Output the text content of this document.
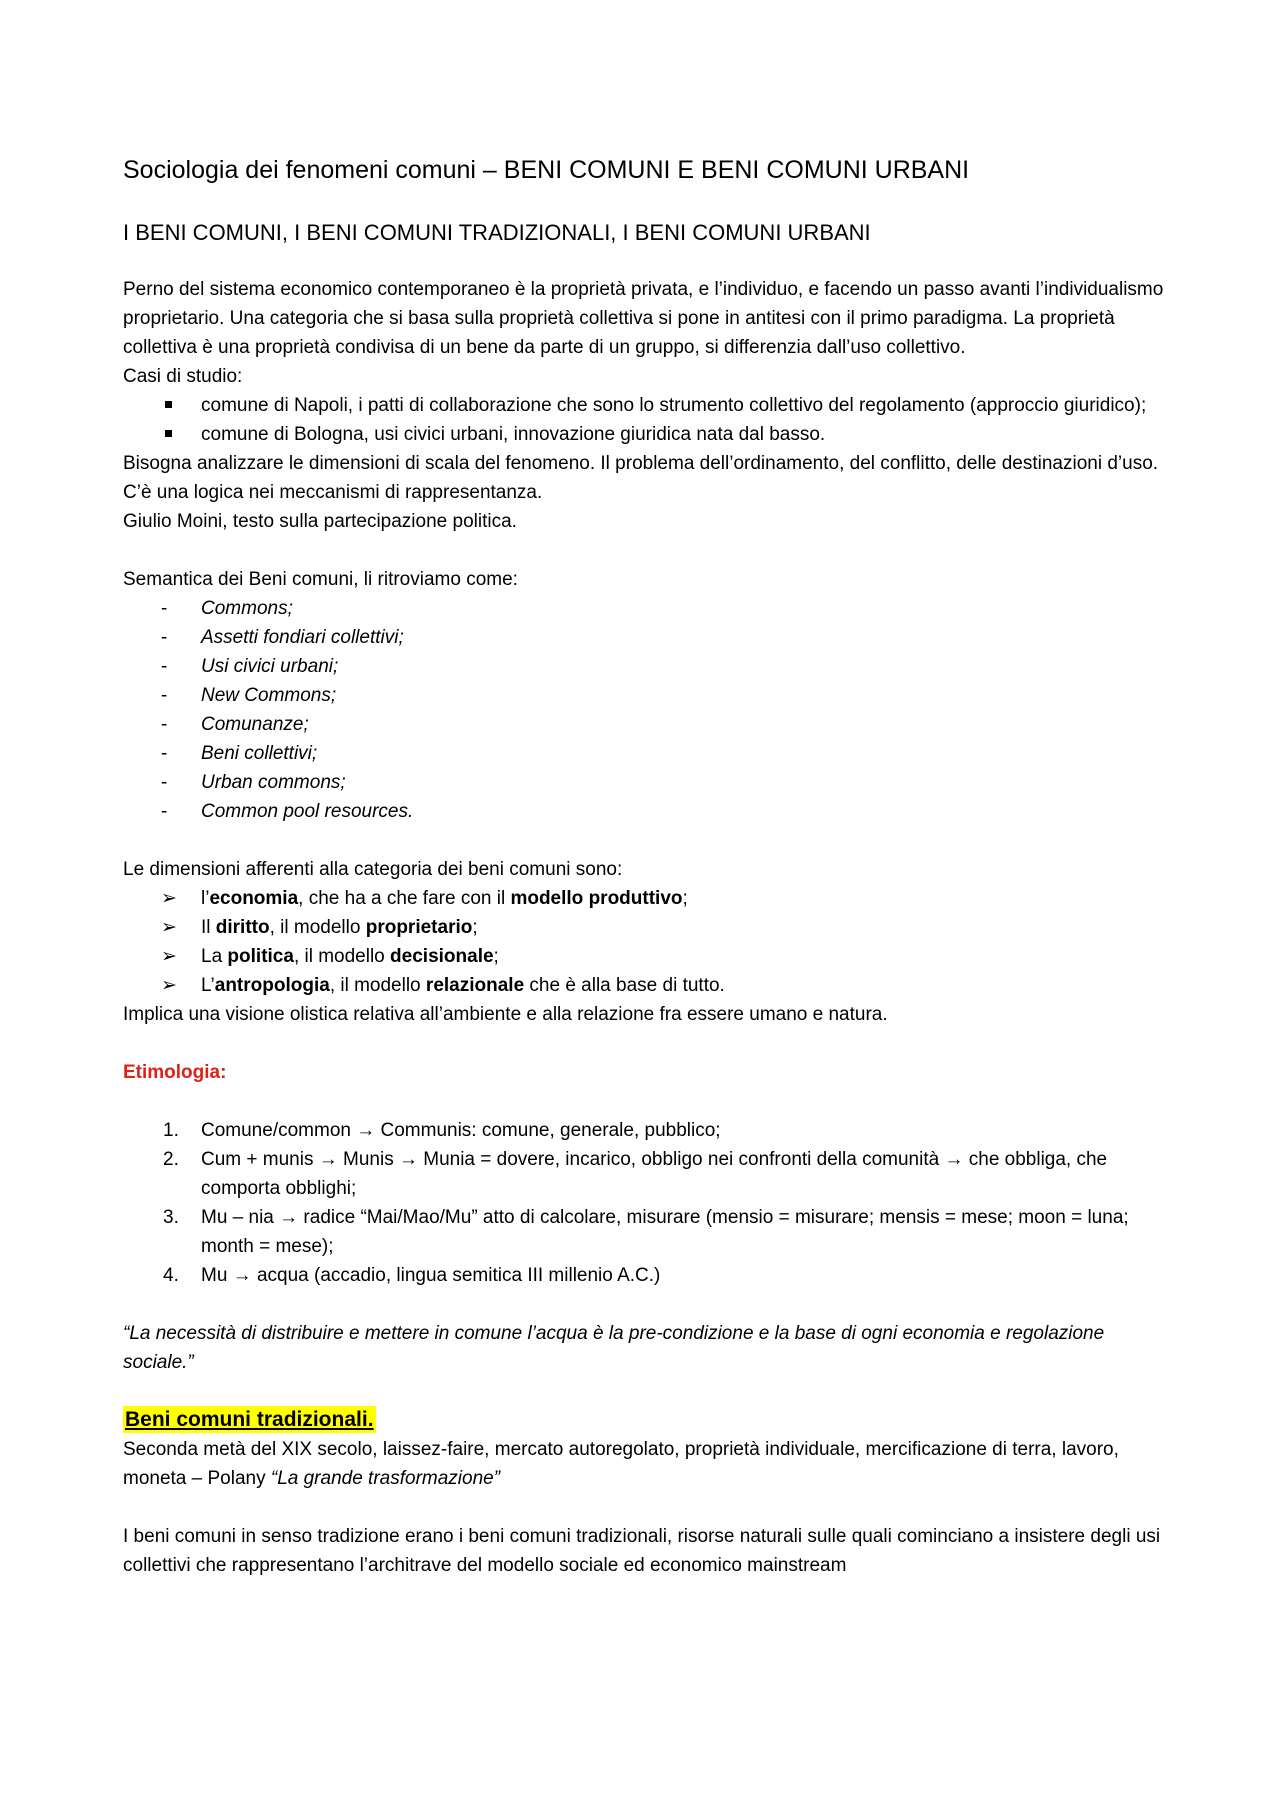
Sociologia dei fenomeni comuni – BENI COMUNI E BENI COMUNI URBANI
I BENI COMUNI, I BENI COMUNI TRADIZIONALI, I BENI COMUNI URBANI

Perno del sistema economico contemporaneo è la proprietà privata, e l’individuo, e facendo un passo avanti l’individualismo proprietario. Una categoria che si basa sulla proprietà collettiva si pone in antitesi con il primo paradigma. La proprietà collettiva è una proprietà condivisa di un bene da parte di un gruppo, si differenzia dall’uso collettivo.

Casi di studio:

comune di Napoli, i patti di collaborazione che sono lo strumento collettivo del regolamento (approccio giuridico);
comune di Bologna, usi civici urbani, innovazione giuridica nata dal basso.

Bisogna analizzare le dimensioni di scala del fenomeno. Il problema dell’ordinamento, del conflitto, delle destinazioni d’uso. C’è una logica nei meccanismi di rappresentanza.

Giulio Moini, testo sulla partecipazione politica.

Semantica dei Beni comuni, li ritroviamo come:

-	Commons;
-	Assetti fondiari collettivi;
-	Usi civici urbani;
-	New Commons;
-	Comunanze;
-	Beni collettivi;
-	Urban commons;
-	Common pool resources.

Le dimensioni afferenti alla categoria dei beni comuni sono:

➢	l’economia, che ha a che fare con il modello produttivo;
➢	Il diritto, il modello proprietario;
➢	La politica, il modello decisionale;
➢	L’antropologia, il modello relazionale che è alla base di tutto.

Implica una visione olistica relativa all’ambiente e alla relazione fra essere umano e natura.

Etimologia:

1.	Comune/common → Communis: comune, generale, pubblico;
2.	Cum + munis → Munis → Munia = dovere, incarico, obbligo nei confronti della comunità → che obbliga, che comporta obblighi;
3.	Mu – nia → radice “Mai/Mao/Mu” atto di calcolare, misurare (mensio = misurare; mensis = mese; moon = luna; month = mese);
4.	Mu → acqua (accadio, lingua semitica III millenio A.C.)

“La necessità di distribuire e mettere in comune l’acqua è la pre-condizione e la base di ogni economia e regolazione sociale.”

Beni comuni tradizionali.

Seconda metà del XIX secolo, laissez-faire, mercato autoregolato, proprietà individuale, mercificazione di terra, lavoro, moneta – Polany “La grande trasformazione”

I beni comuni in senso tradizione erano i beni comuni tradizionali, risorse naturali sulle quali cominciano a insistere degli usi collettivi che rappresentano l’architrave del modello sociale ed economico mainstream
